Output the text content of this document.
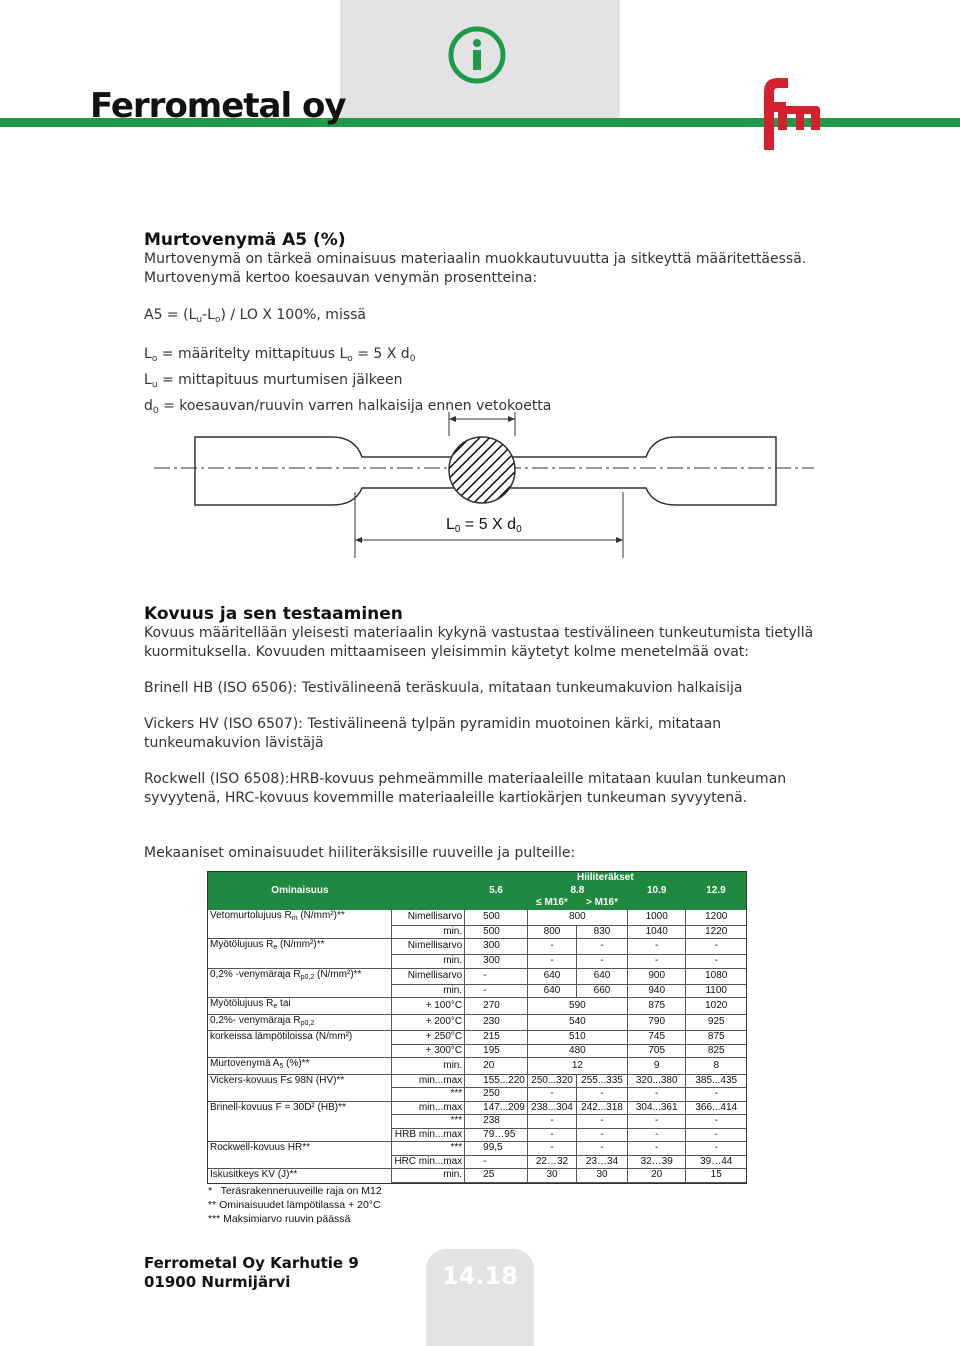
Ferrometal oy
Murtovenymä A5 (%)
Murtovenymä on tärkeä ominaisuus materiaalin muokkautuvuutta ja sitkeyttä määritettäessä.
Murtovenymä kertoo koesauvan venymän prosentteina:
$A5 = (L_u-L_o)$ / LO X 100%, missä
$L_o$ = määritelty mittapituus $L_o = 5$ X $d_0$
$L_u$ = mittapituus murtumisen jälkeen
$d_0$ = koesauvan/ruuvin varren halkaisija ennen vetokoetta
L0 = 5 X d0
Kovuus ja sen testaaminen

Kovuus määritellään yleisesti materiaalin kykynä vastustaa testivälineen tunkeutumista tietyllä kuormituksella. Kovuuden mittaamiseen yleisimmin käytetyt kolme menetelmää ovat:

Brinell HB (ISO 6506): Testivälineenä teräskuula, mitataan tunkeumakuvion halkaisija

Vickers HV (ISO 6507): Testivälineenä tylpän pyramidin muotoinen kärki, mitataan tunkeumakuvion lävistäjä

Rockwell (ISO 6508):HRB-kovuus pehmeämmille materiaaleille mitataan kuulan tunkeuman syvyytenä, HRC-kovuus kovemmille materiaaleille kartiokärjen tunkeuman syvyytenä.

Mekaaniset ominaisuudet hiiliteräksisille ruuveille ja pulteille:

Ominaisuus		Hiiliteräkset				
		5.6	8.8		10.9	12.9
			≤ M16*	> M16*		
Vetomurtolujuus $R_m$ (N/mm²)**	Nimellisarvo	500	800		1000	1200
	min.	500	800	830	1040	1220
Myötölujuus $R_e$ (N/mm²)**	Nimellisarvo	300	-	-	-	-
	min.	300	-	-	-	-
0,2% -venymäraja $R_{p0,2}$ (N/mm²)**	Nimellisarvo	-	640	640	900	1080
	min.	-	640	660	940	1100
Myötölujuus $R_e$ tai	+ 100°C	270	590		875	1020
0,2%- venymäraja $R_{p0,2}$	+ 200°C	230	540		790	925
korkeissa lämpötiloissa (N/mm²)	+ 250°C	215	510		745	875
	+ 300°C	195	480		705	825
Murtovenymä $A_5$ (%)**	min.	20	12		9	8
Vickers-kovuus F≤ 98N (HV)**	min...max	155...220	250...320	255...335	320...380	385...435
	***	250	-	-	-	-
Brinell-kovuus F = 30D² (HB)**	min...max	147...209	238...304	242...318	304...361	366...414
	***	238	-	-	-	-
	HRB min...max	79…95	-	-	-	-
Rockwell-kovuus HR**	***	99,5	-	-	-	-
	HRC min...max	-	22…32	23…34	32…39	39…44
Iskusitkeys KV (J)**	min.	25	30	30	20	15
*   Teräsrakenneruuveille raja on M12
** Ominaisuudet lämpötilassa + 20°C
*** Maksimiarvo ruuvin päässä
14.18
Ferrometal Oy Karhutie 9
01900 Nurmijärvi
